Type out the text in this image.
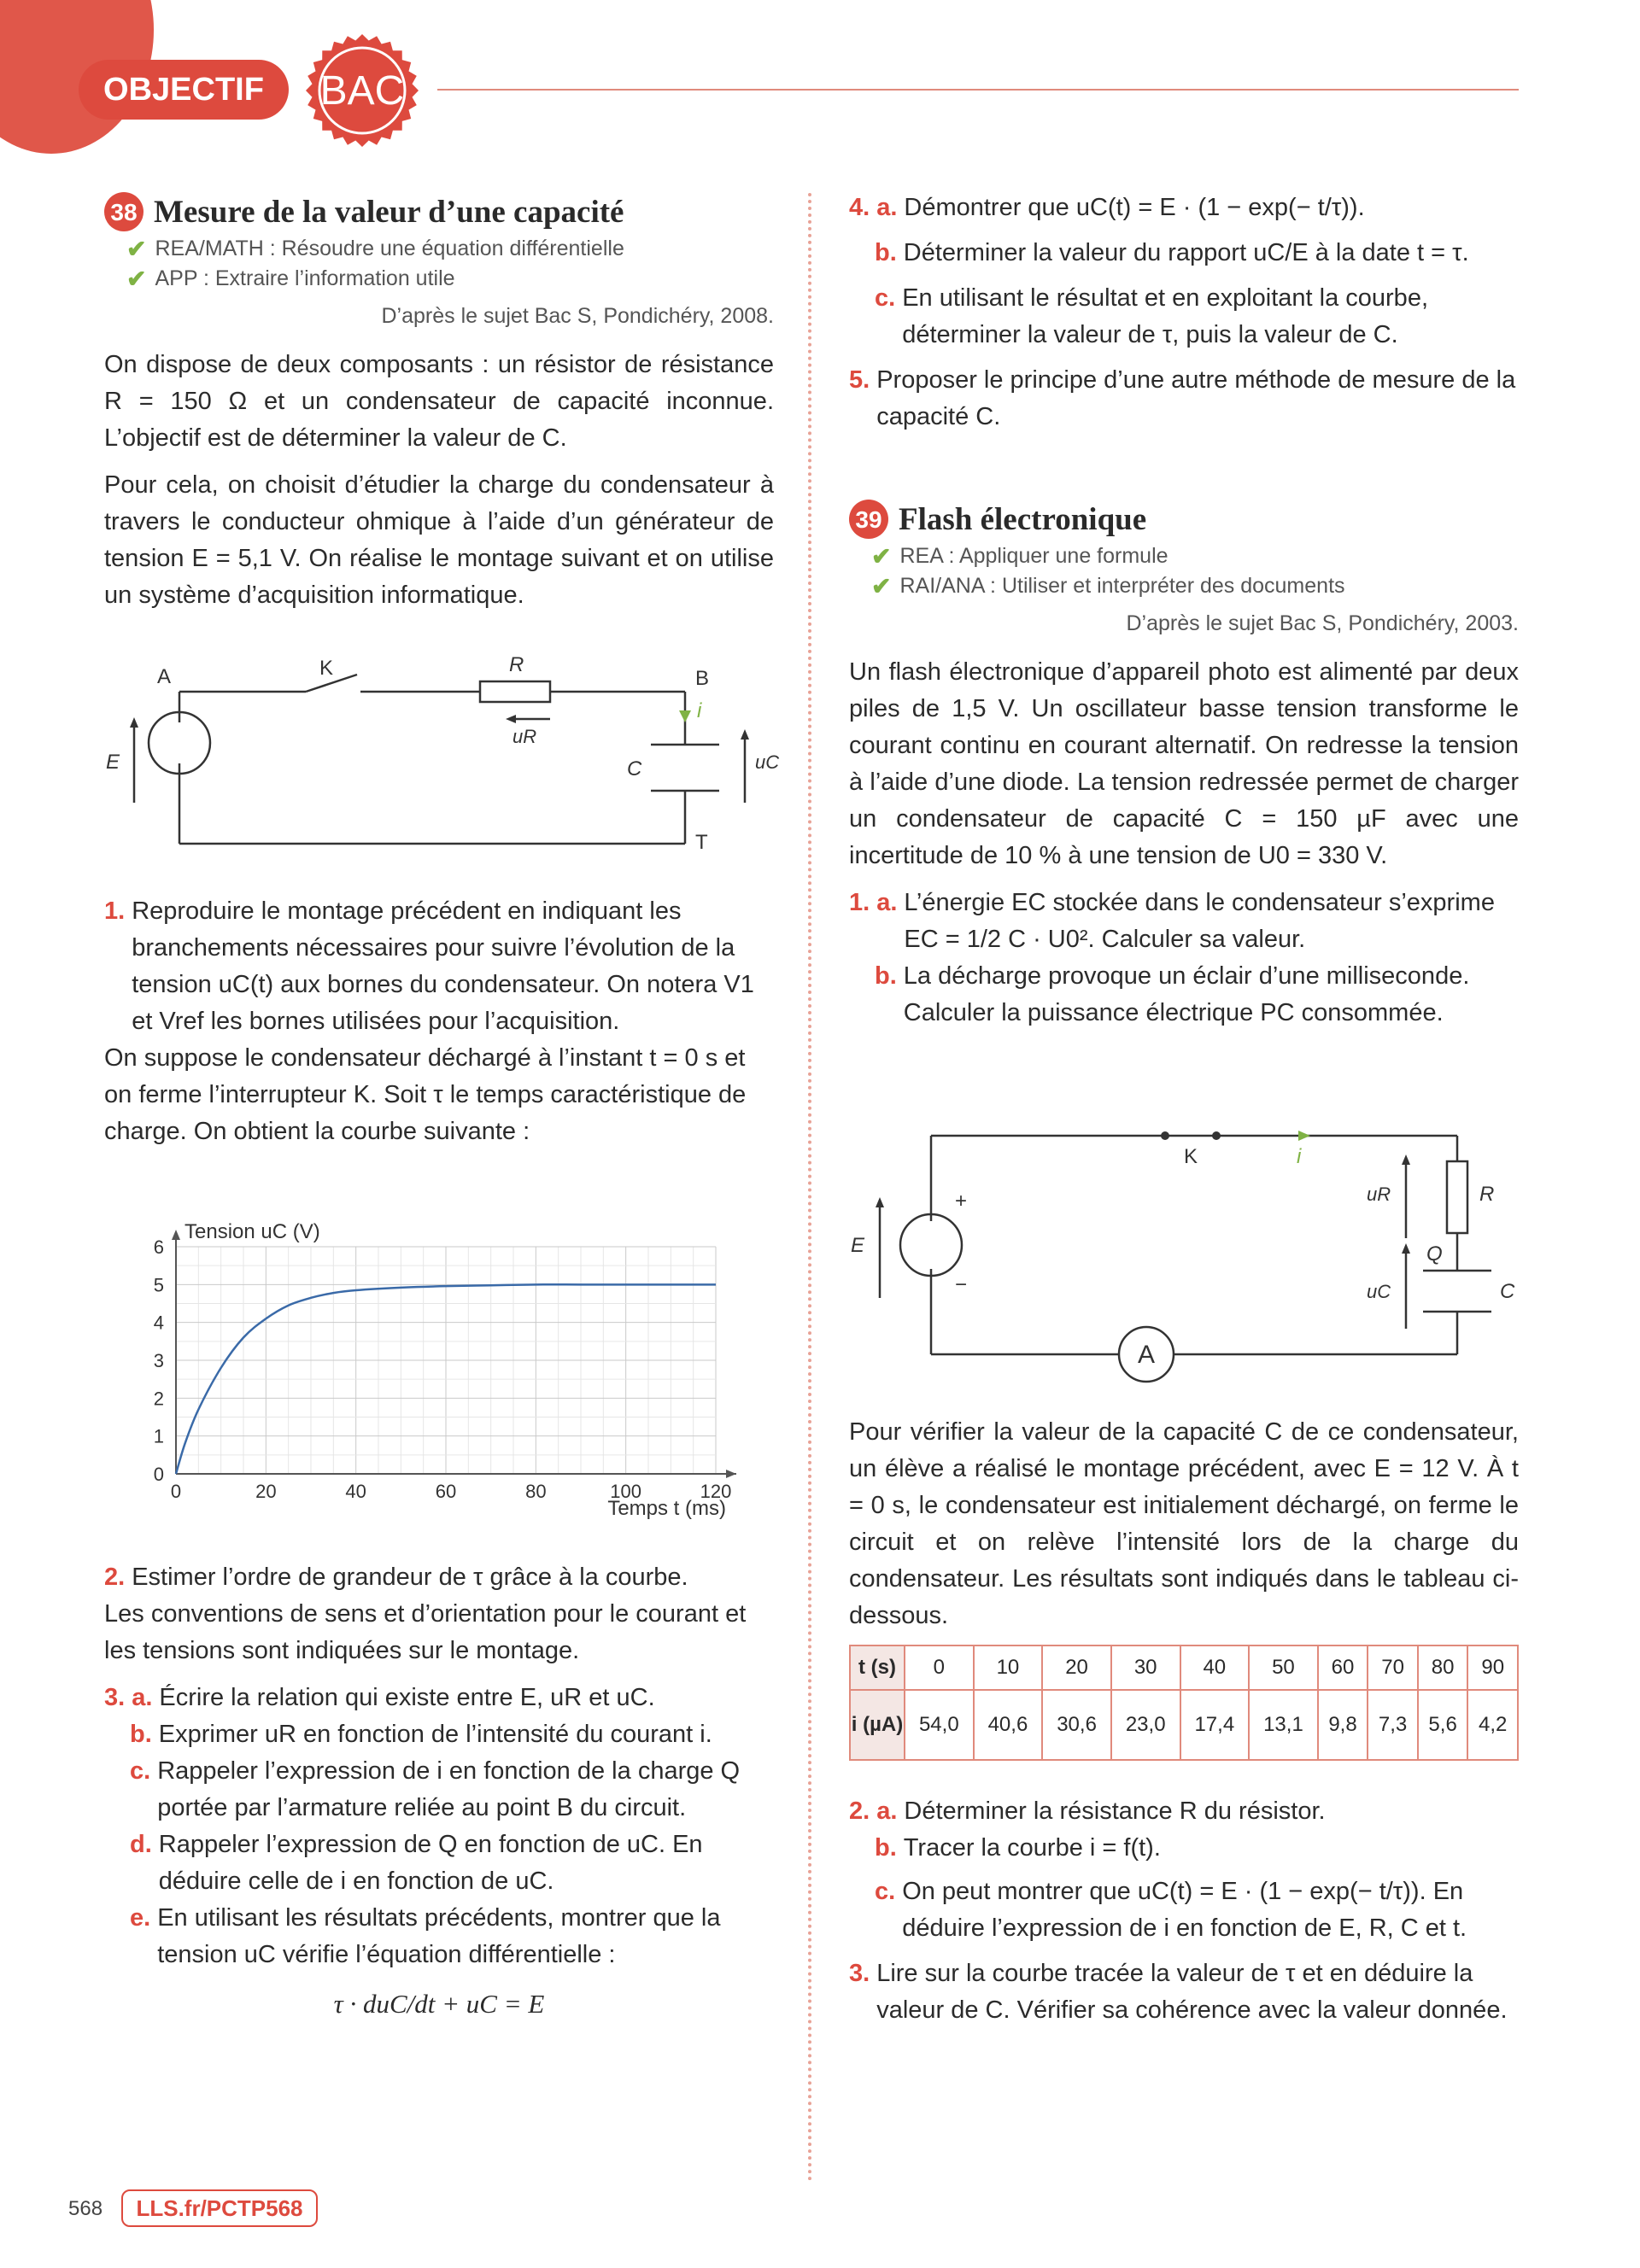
OBJECTIF	BAC
38 Mesure de la valeur d’une capacité
✔ REA/MATH : Résoudre une équation différentielle
✔ APP : Extraire l’information utile
D’après le sujet Bac S, Pondichéry, 2008.

On dispose de deux composants : un résistor de résistance R = 150 Ω et un condensateur de capacité inconnue. L’objectif est de déterminer la valeur de C.

Pour cela, on choisit d’étudier la charge du condensateur à travers le conducteur ohmique à l’aide d’un générateur de tension E = 5,1 V. On réalise le montage suivant et on utilise un système d’acquisition informatique.

A	K	R
B
i
uR
E	C	uC
T
1. Reproduire le montage précédent en indiquant les branchements nécessaires pour suivre l’évolution de la tension uC(t) aux bornes du condensateur. On notera V1 et Vref les bornes utilisées pour l’acquisition.

On suppose le condensateur déchargé à l’instant t = 0 s et on ferme l’interrupteur K. Soit τ le temps caractéristique de charge. On obtient la courbe suivante :

0	20	40	60	80	100	120
0
1
2
3
4
5
6
Tension uC (V)
Temps t (ms)
2. Estimer l’ordre de grandeur de τ grâce à la courbe.

Les conventions de sens et d’orientation pour le courant et les tensions sont indiquées sur le montage.

3. a. Écrire la relation qui existe entre E, uR et uC.
b. Exprimer uR en fonction de l’intensité du courant i.
c. Rappeler l’expression de i en fonction de la charge Q portée par l’armature reliée au point B du circuit.
d. Rappeler l’expression de Q en fonction de uC. En déduire celle de i en fonction de uC.
e. En utilisant les résultats précédents, montrer que la tension uC vérifie l’équation différentielle :
τ · duC/dt + uC = E
4. a. Démontrer que uC(t) = E · (1 − exp(− t/τ)).
b. Déterminer la valeur du rapport uC/E à la date t = τ.
c. En utilisant le résultat et en exploitant la courbe, déterminer la valeur de τ, puis la valeur de C.
5. Proposer le principe d’une autre méthode de mesure de la capacité C.
39 Flash électronique
✔ REA : Appliquer une formule
✔ RAI/ANA : Utiliser et interpréter des documents
D’après le sujet Bac S, Pondichéry, 2003.

Un flash électronique d’appareil photo est alimenté par deux piles de 1,5 V. Un oscillateur basse tension transforme le courant continu en courant alternatif. On redresse la tension à l’aide d’une diode. La tension redressée permet de charger un condensateur de capacité C = 150 µF avec une incertitude de 10 % à une tension de U0 = 330 V.

1. a. L’énergie EC stockée dans le condensateur s’exprime EC = 1/2 C · U0². Calculer sa valeur.
b. La décharge provoque un éclair d’une milliseconde. Calculer la puissance électrique PC consommée.
K	i
uR	R
E
+
−
Q
uC	C
A

Pour vérifier la valeur de la capacité C de ce condensateur, un élève a réalisé le montage précédent, avec E = 12 V. À t = 0 s, le condensateur est initialement déchargé, on ferme le circuit et on relève l’intensité lors de la charge du condensateur. Les résultats sont indiqués dans le tableau ci-dessous.

t (s)	0	10	20	30	40	50	60	70	80	90
i (µA)	54,0	40,6	30,6	23,0	17,4	13,1	9,8	7,3	5,6	4,2
2. a. Déterminer la résistance R du résistor.
b. Tracer la courbe i = f(t).
c. On peut montrer que uC(t) = E · (1 − exp(− t/τ)). En déduire l’expression de i en fonction de E, R, C et t.
3. Lire sur la courbe tracée la valeur de τ et en déduire la valeur de C. Vérifier sa cohérence avec la valeur donnée.
568	LLS.fr/PCTP568
